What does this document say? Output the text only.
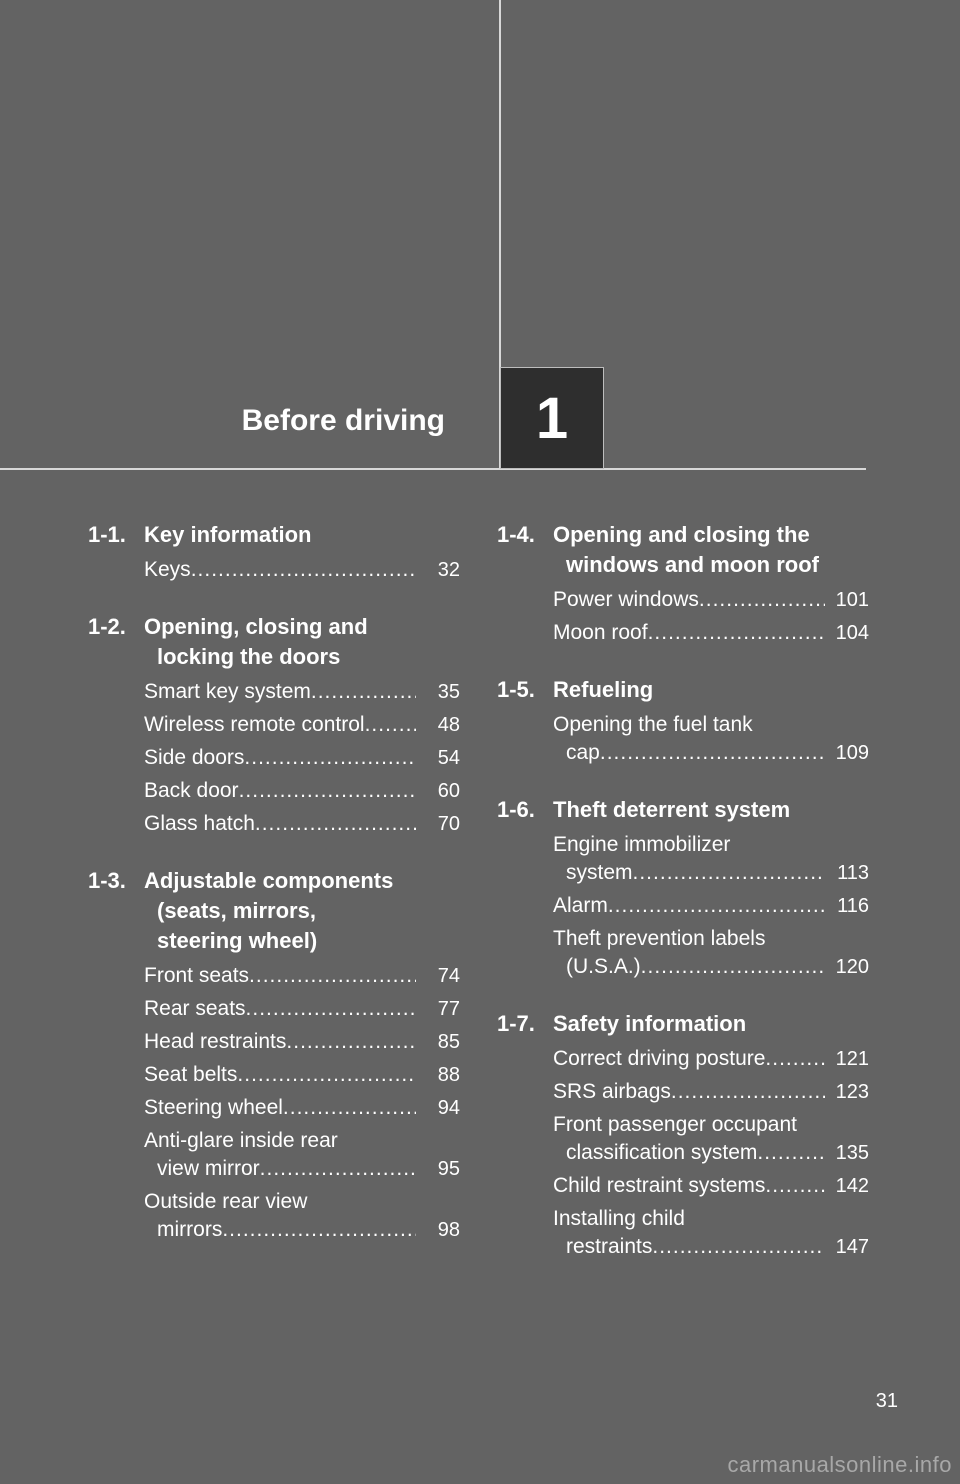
Before driving 1
1-1. Key information
Keys .....	32
1-2. Opening, closing and
locking the doors
Smart key system .....	35
Wireless remote control .....	48
Side doors .....	54
Back door .....	60
Glass hatch .....	70
1-3. Adjustable components
(seats, mirrors,
steering wheel)
Front seats .....	74
Rear seats .....	77
Head restraints .....	85
Seat belts .....	88
Steering wheel .....	94
Anti-glare inside rear
view mirror .....	95
Outside rear view
mirrors .....	98
1-4. Opening and closing the
windows and moon roof
Power windows .....	101
Moon roof .....	104
1-5. Refueling
Opening the fuel tank
cap .....	109
1-6. Theft deterrent system
Engine immobilizer
system .....	113
Alarm .....	116
Theft prevention labels
(U.S.A.) .....	120
1-7. Safety information
Correct driving posture .....	121
SRS airbags .....	123
Front passenger occupant
classification system .....	135
Child restraint systems .....	142
Installing child
restraints .....	147
31
carmanualsonline.info
